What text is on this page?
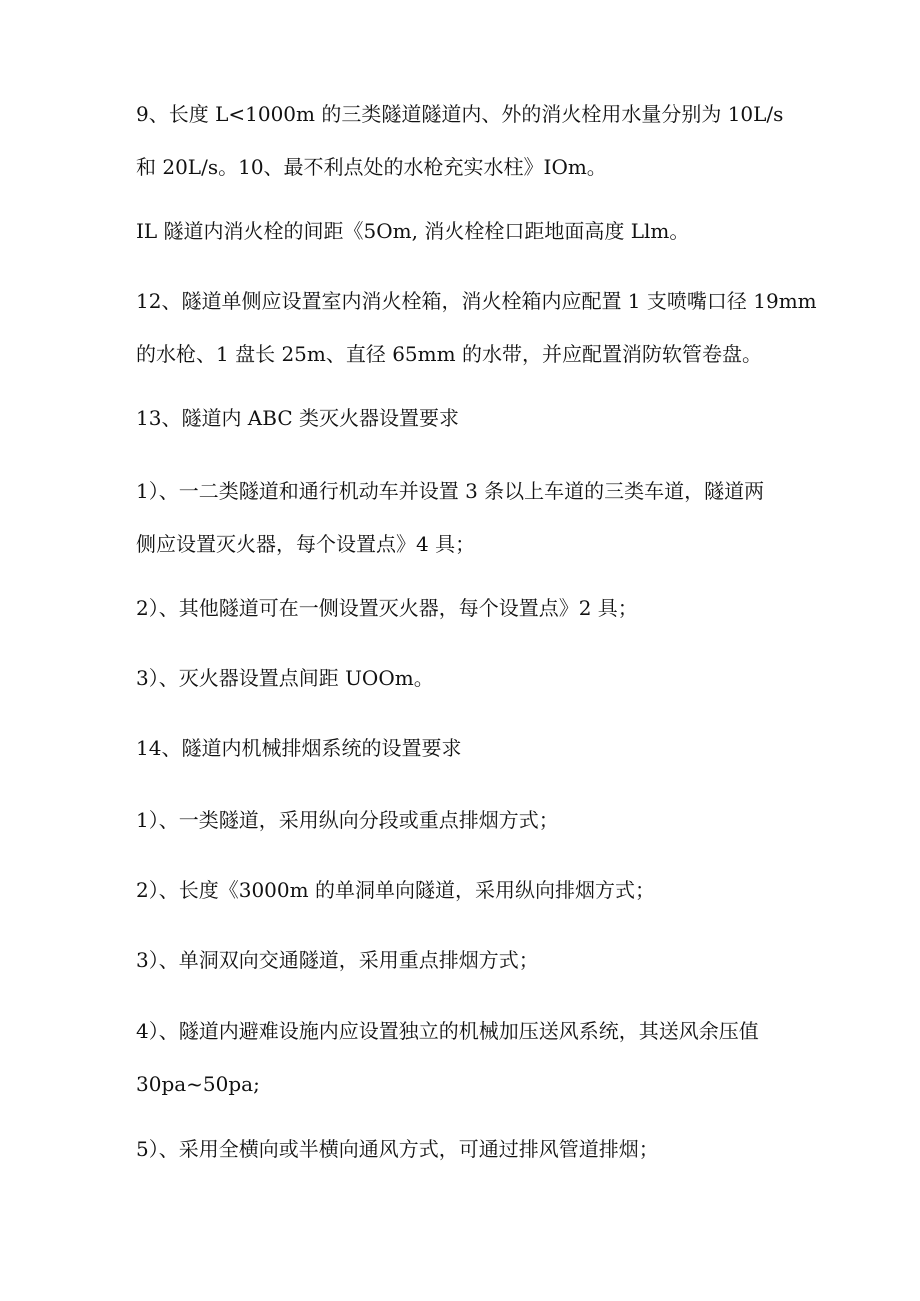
9、长度 L<1000m 的三类隧道隧道内、外的消火栓用水量分别为 10L/s
和 20L/s。10、最不利点处的水枪充实水柱》IOm。

IL 隧道内消火栓的间距《5Om, 消火栓栓口距地面高度 Llm。

12、隧道单侧应设置室内消火栓箱，消火栓箱内应配置 1 支喷嘴口径 19mm
的水枪、1 盘长 25m、直径 65mm 的水带，并应配置消防软管卷盘。

13、隧道内 ABC 类灭火器设置要求

1）、一二类隧道和通行机动车并设置 3 条以上车道的三类车道，隧道两
侧应设置灭火器，每个设置点》4 具；

2）、其他隧道可在一侧设置灭火器，每个设置点》2 具；

3）、灭火器设置点间距 UOOm。

14、隧道内机械排烟系统的设置要求

1）、一类隧道，采用纵向分段或重点排烟方式；

2）、长度《3000m 的单洞单向隧道，采用纵向排烟方式；

3）、单洞双向交通隧道，采用重点排烟方式；

4）、隧道内避难设施内应设置独立的机械加压送风系统，其送风余压值
30pa~50pa;

5）、采用全横向或半横向通风方式，可通过排风管道排烟；
